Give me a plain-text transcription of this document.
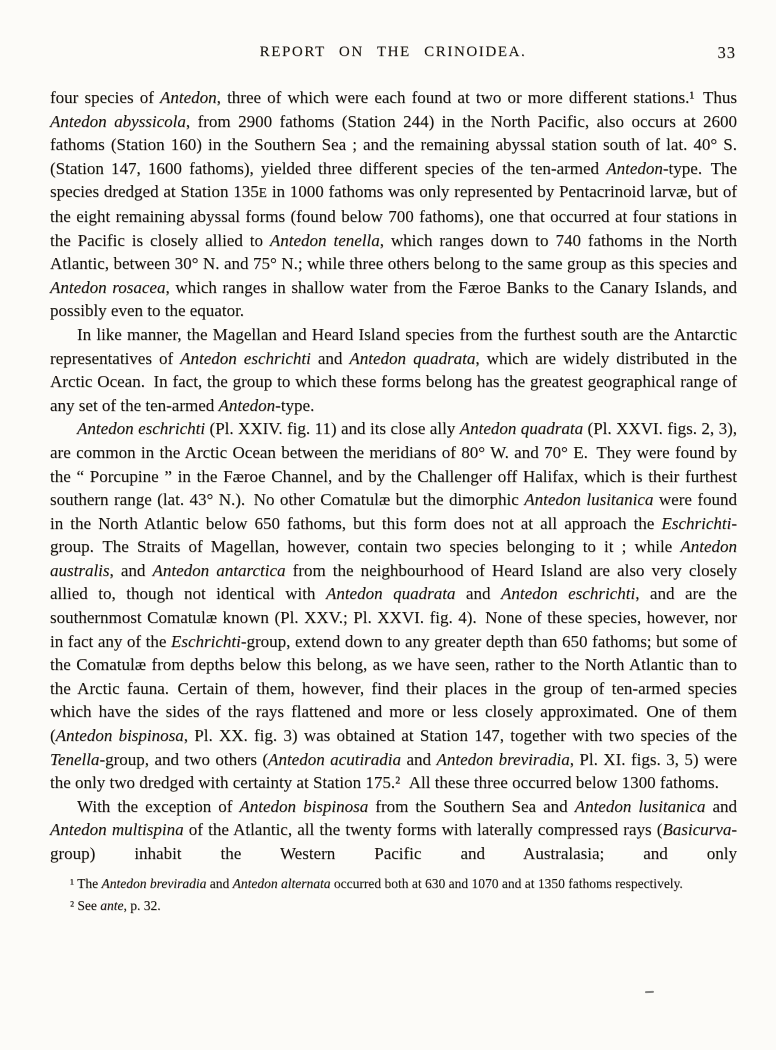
REPORT ON THE CRINOIDEA.	33

four species of Antedon, three of which were each found at two or more different stations.¹ Thus Antedon abyssicola, from 2900 fathoms (Station 244) in the North Pacific, also occurs at 2600 fathoms (Station 160) in the Southern Sea ; and the remaining abyssal station south of lat. 40° S. (Station 147, 1600 fathoms), yielded three different species of the ten-armed Antedon-type. The species dredged at Station 135E in 1000 fathoms was only represented by Pentacrinoid larvæ, but of the eight remaining abyssal forms (found below 700 fathoms), one that occurred at four stations in the Pacific is closely allied to Antedon tenella, which ranges down to 740 fathoms in the North Atlantic, between 30° N. and 75° N.; while three others belong to the same group as this species and Antedon rosacea, which ranges in shallow water from the Færoe Banks to the Canary Islands, and possibly even to the equator.

In like manner, the Magellan and Heard Island species from the furthest south are the Antarctic representatives of Antedon eschrichti and Antedon quadrata, which are widely distributed in the Arctic Ocean. In fact, the group to which these forms belong has the greatest geographical range of any set of the ten-armed Antedon-type.

Antedon eschrichti (Pl. XXIV. fig. 11) and its close ally Antedon quadrata (Pl. XXVI. figs. 2, 3), are common in the Arctic Ocean between the meridians of 80° W. and 70° E. They were found by the “ Porcupine ” in the Færoe Channel, and by the Challenger off Halifax, which is their furthest southern range (lat. 43° N.). No other Comatulæ but the dimorphic Antedon lusitanica were found in the North Atlantic below 650 fathoms, but this form does not at all approach the Eschrichti-group. The Straits of Magellan, however, contain two species belonging to it ; while Antedon australis, and Antedon antarctica from the neighbourhood of Heard Island are also very closely allied to, though not identical with Antedon quadrata and Antedon eschrichti, and are the southernmost Comatulæ known (Pl. XXV.; Pl. XXVI. fig. 4). None of these species, however, nor in fact any of the Eschrichti-group, extend down to any greater depth than 650 fathoms; but some of the Comatulæ from depths below this belong, as we have seen, rather to the North Atlantic than to the Arctic fauna. Certain of them, however, find their places in the group of ten-armed species which have the sides of the rays flattened and more or less closely approximated. One of them (Antedon bispinosa, Pl. XX. fig. 3) was obtained at Station 147, together with two species of the Tenella-group, and two others (Antedon acutiradia and Antedon breviradia, Pl. XI. figs. 3, 5) were the only two dredged with certainty at Station 175.² All these three occurred below 1300 fathoms.

With the exception of Antedon bispinosa from the Southern Sea and Antedon lusitanica and Antedon multispina of the Atlantic, all the twenty forms with laterally compressed rays (Basicurva-group) inhabit the Western Pacific and Australasia; and only

¹ The Antedon breviradia and Antedon alternata occurred both at 630 and 1070 and at 1350 fathoms respectively.

² See ante, p. 32.
